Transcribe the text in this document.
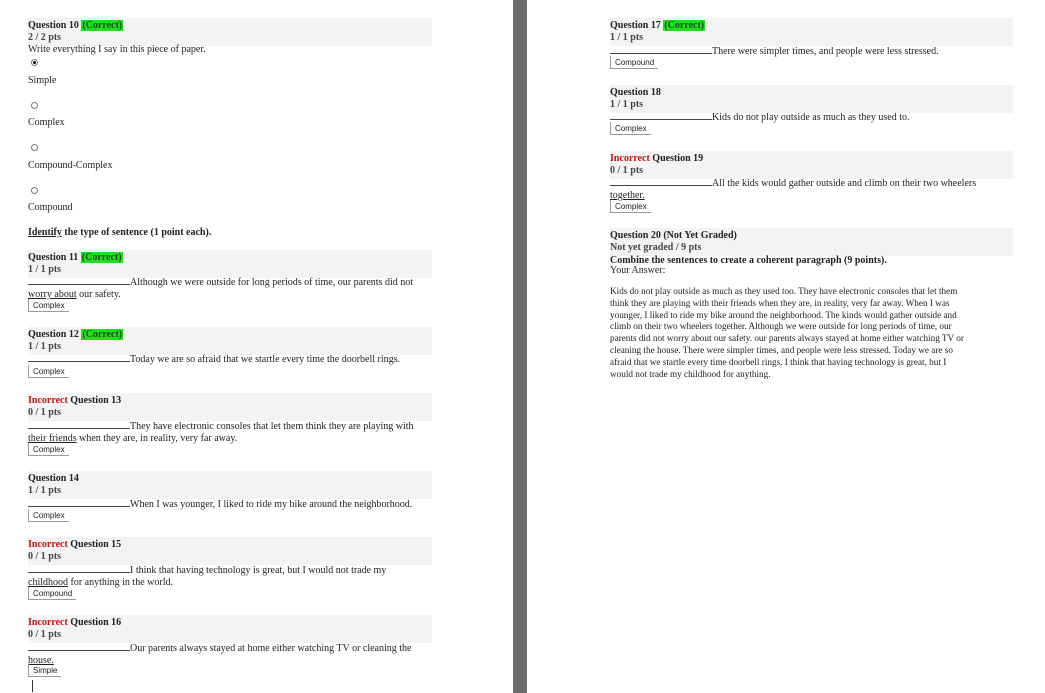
Question 10 (Correct)
2 / 2 pts
Write everything I say in this piece of paper.
Simple
Complex
Compound-Complex
Compound
Identify the type of sentence (1 point each).
Question 11 (Correct)
1 / 1 pts
Although we were outside for long periods of time, our parents did not
worry about our safety.
Complex
Question 12 (Correct)
1 / 1 pts
Today we are so afraid that we startle every time the doorbell rings.
Complex
Incorrect Question 13
0 / 1 pts
They have electronic consoles that let them think they are playing with
their friends when they are, in reality, very far away.
Complex
Question 14
1 / 1 pts
When I was younger, I liked to ride my bike around the neighborhood.
Complex
Incorrect Question 15
0 / 1 pts
I think that having technology is great, but I would not trade my
childhood for anything in the world.
Compound
Incorrect Question 16
0 / 1 pts
Our parents always stayed at home either watching TV or cleaning the
house.
Simple
Question 17 (Correct)
1 / 1 pts
There were simpler times, and people were less stressed.
Compound
Question 18
1 / 1 pts
Kids do not play outside as much as they used to.
Complex
Incorrect Question 19
0 / 1 pts
All the kids would gather outside and climb on their two wheelers
together.
Complex
Question 20 (Not Yet Graded)
Not yet graded / 9 pts
Combine the sentences to create a coherent paragraph (9 points).
Your Answer:
Kids do not play outside as much as they used too. They have electronic consoles that let them
think they are playing with their friends when they are, in reality, very far away. When I was
younger, I liked to ride my bike around the neighborhood. The kinds would gather outside and
climb on their two wheelers together. Although we were outside for long periods of time, our
parents did not worry about our safety. our parents always stayed at home either watching TV or
cleaning the house. There were simpler times, and people were less stressed. Today we are so
afraid that we startle every time doorbell rings. I think that having technology is great, but I
would not trade my childhood for anything.
